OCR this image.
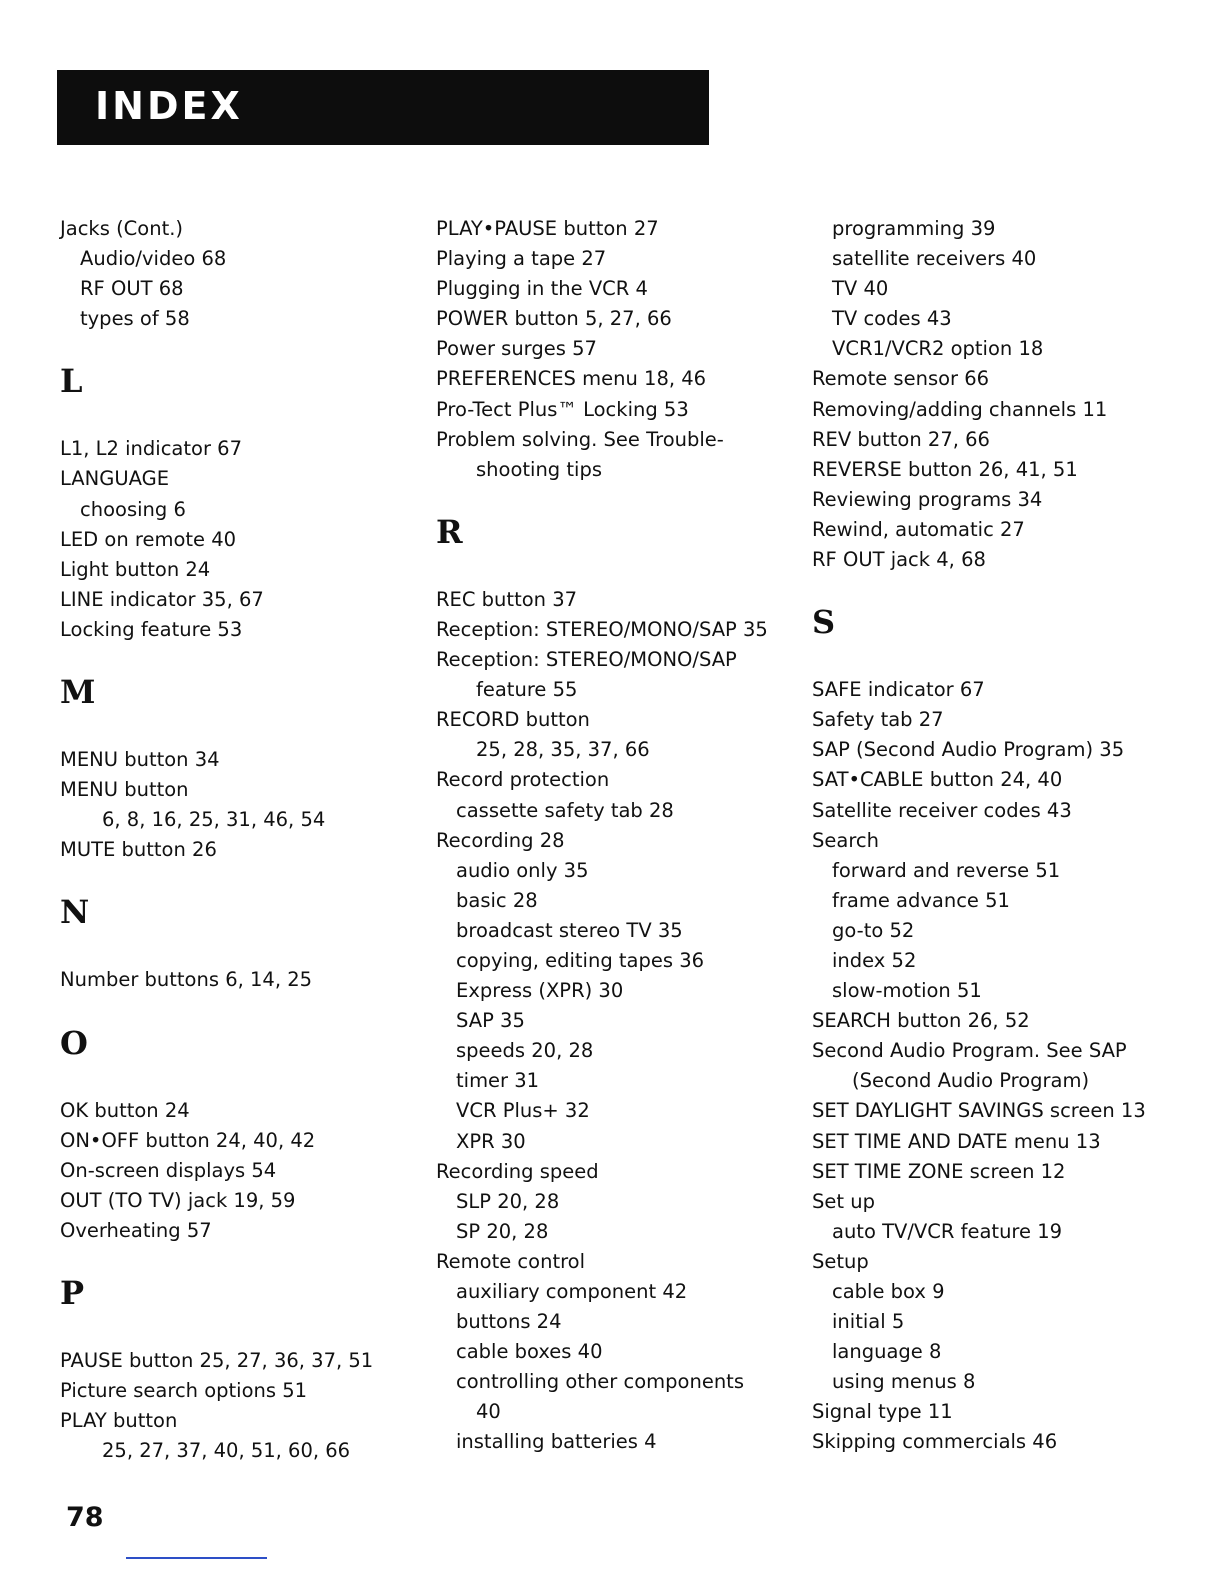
INDEX
Jacks (Cont.)
Audio/video 68
RF OUT 68
types of 58
L
L1, L2 indicator 67
LANGUAGE
choosing 6
LED on remote 40
Light button 24
LINE indicator 35, 67
Locking feature 53
M
MENU button 34
MENU button
6, 8, 16, 25, 31, 46, 54
MUTE button 26
N
Number buttons 6, 14, 25
O
OK button 24
ON•OFF button 24, 40, 42
On-screen displays 54
OUT (TO TV) jack 19, 59
Overheating 57
P
PAUSE button 25, 27, 36, 37, 51
Picture search options 51
PLAY button
25, 27, 37, 40, 51, 60, 66
PLAY•PAUSE button 27
Playing a tape 27
Plugging in the VCR 4
POWER button 5, 27, 66
Power surges 57
PREFERENCES menu 18, 46
Pro-Tect Plus™ Locking 53
Problem solving. See Trouble-
shooting tips
R
REC button 37
Reception: STEREO/MONO/SAP 35
Reception: STEREO/MONO/SAP
feature 55
RECORD button
25, 28, 35, 37, 66
Record protection
cassette safety tab 28
Recording 28
audio only 35
basic 28
broadcast stereo TV 35
copying, editing tapes 36
Express (XPR) 30
SAP 35
speeds 20, 28
timer 31
VCR Plus+ 32
XPR 30
Recording speed
SLP 20, 28
SP 20, 28
Remote control
auxiliary component 42
buttons 24
cable boxes 40
controlling other components
40
installing batteries 4
programming 39
satellite receivers 40
TV 40
TV codes 43
VCR1/VCR2 option 18
Remote sensor 66
Removing/adding channels 11
REV button 27, 66
REVERSE button 26, 41, 51
Reviewing programs 34
Rewind, automatic 27
RF OUT jack 4, 68
S
SAFE indicator 67
Safety tab 27
SAP (Second Audio Program) 35
SAT•CABLE button 24, 40
Satellite receiver codes 43
Search
forward and reverse 51
frame advance 51
go-to 52
index 52
slow-motion 51
SEARCH button 26, 52
Second Audio Program. See SAP
(Second Audio Program)
SET DAYLIGHT SAVINGS screen 13
SET TIME AND DATE menu 13
SET TIME ZONE screen 12
Set up
auto TV/VCR feature 19
Setup
cable box 9
initial 5
language 8
using menus 8
Signal type 11
Skipping commercials 46
78
